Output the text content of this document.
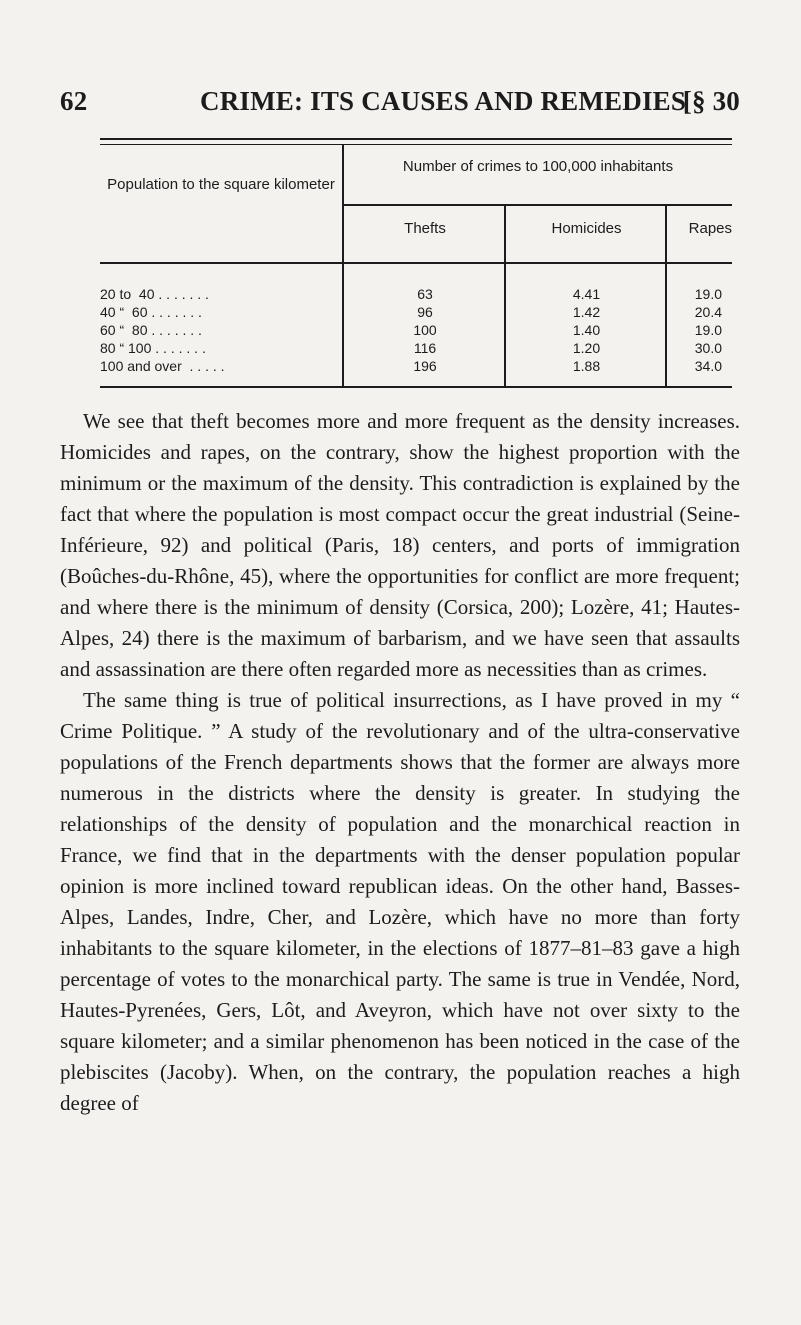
62	CRIME: ITS CAUSES AND REMEDIES
[§ 30
Population to the square kilometer
Number of crimes to 100,000 inhabitants
Thefts	Homicides	Rapes
20 to  40 . . . . . . .	63	4.41	19.0
40 “  60 . . . . . . .	96	1.42	20.4
60 “  80 . . . . . . .	100	1.40	19.0
80 “ 100 . . . . . . .	116	1.20	30.0
100 and over  . . . . .	196	1.88	34.0

We see that theft becomes more and more frequent as the density increases. Homicides and rapes, on the contrary, show the highest proportion with the minimum or the maximum of the density. This contradiction is explained by the fact that where the population is most compact occur the great industrial (Seine-Inférieure, 92) and political (Paris, 18) centers, and ports of immigration (Boûches-du-Rhône, 45), where the opportunities for conflict are more frequent; and where there is the minimum of density (Corsica, 200); Lozère, 41; Hautes-Alpes, 24) there is the maximum of barbarism, and we have seen that assaults and assassination are there often regarded more as necessities than as crimes.

The same thing is true of political insurrections, as I have proved in my “ Crime Politique. ” A study of the revolutionary and of the ultra-conservative populations of the French departments shows that the former are always more numerous in the districts where the density is greater. In studying the relationships of the density of population and the monarchical reaction in France, we find that in the departments with the denser population popular opinion is more inclined toward republican ideas. On the other hand, Basses-Alpes, Landes, Indre, Cher, and Lozère, which have no more than forty inhabitants to the square kilometer, in the elections of 1877–81–83 gave a high percentage of votes to the monarchical party. The same is true in Vendée, Nord, Hautes-Pyrenées, Gers, Lôt, and Aveyron, which have not over sixty to the square kilometer; and a similar phenomenon has been noticed in the case of the plebiscites (Jacoby). When, on the contrary, the population reaches a high degree of
